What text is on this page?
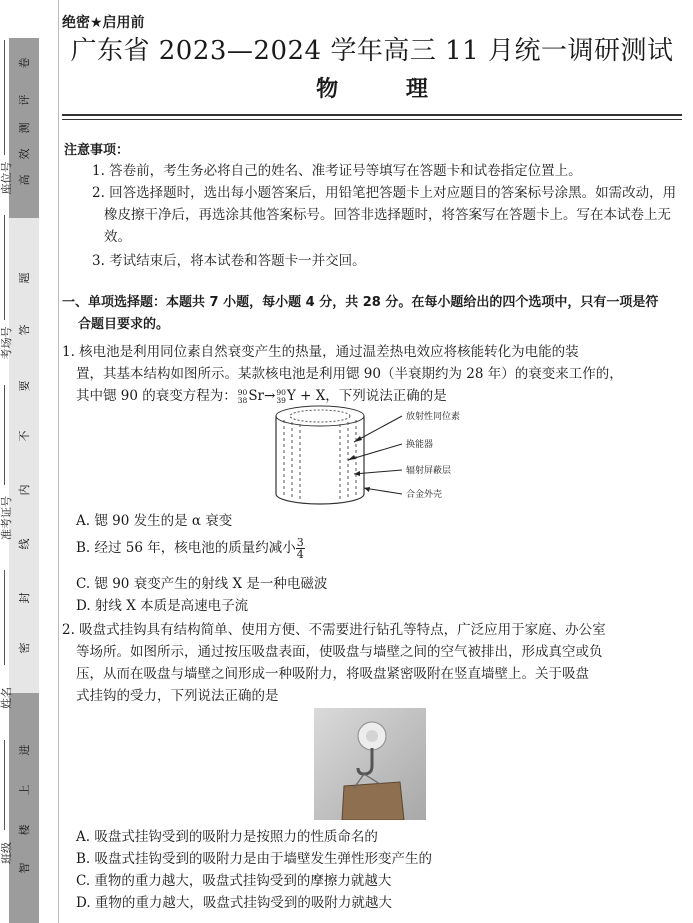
卷
评
测
效
高
题
答
要
不
内
线
封
密
进
上
楼
智
座位号
考场号
准考证号
姓名
班级
绝密★启用前
广东省 2023—2024 学年高三 11 月统一调研测试
物 理
注意事项：
1. 答卷前，考生务必将自己的姓名、准考证号等填写在答题卡和试卷指定位置上。
2. 回答选择题时，选出每小题答案后，用铅笔把答题卡上对应题目的答案标号涂黑。如需改动，用橡皮擦干净后，再选涂其他答案标号。回答非选择题时，将答案写在答题卡上。写在本试卷上无效。
3. 考试结束后，将本试卷和答题卡一并交回。
一、单项选择题：本题共 7 小题，每小题 4 分，共 28 分。在每小题给出的四个选项中，只有一项是符合题目要求的。
1. 核电池是利用同位素自然衰变产生的热量，通过温差热电效应将核能转化为电能的装
置，其基本结构如图所示。某款核电池是利用锶 90（半衰期约为 28 年）的衰变来工作的，
其中锶 90 的衰变方程为： 90
38 Sr→ 90
39 Y + X，下列说法正确的是
放射性同位素
换能器
辐射屏蔽层
合金外壳
A. 锶 90 发生的是 α 衰变
B. 经过 56 年，核电池的质量约减小 $\frac{3}{4}$
C. 锶 90 衰变产生的射线 X 是一种电磁波
D. 射线 X 本质是高速电子流
2. 吸盘式挂钩具有结构简单、使用方便、不需要进行钻孔等特点，广泛应用于家庭、办公室
等场所。如图所示，通过按压吸盘表面，使吸盘与墙壁之间的空气被排出，形成真空或负
压，从而在吸盘与墙壁之间形成一种吸附力，将吸盘紧密吸附在竖直墙壁上。关于吸盘
式挂钩的受力，下列说法正确的是
A. 吸盘式挂钩受到的吸附力是按照力的性质命名的
B. 吸盘式挂钩受到的吸附力是由于墙壁发生弹性形变产生的
C. 重物的重力越大，吸盘式挂钩受到的摩擦力就越大
D. 重物的重力越大，吸盘式挂钩受到的吸附力就越大
